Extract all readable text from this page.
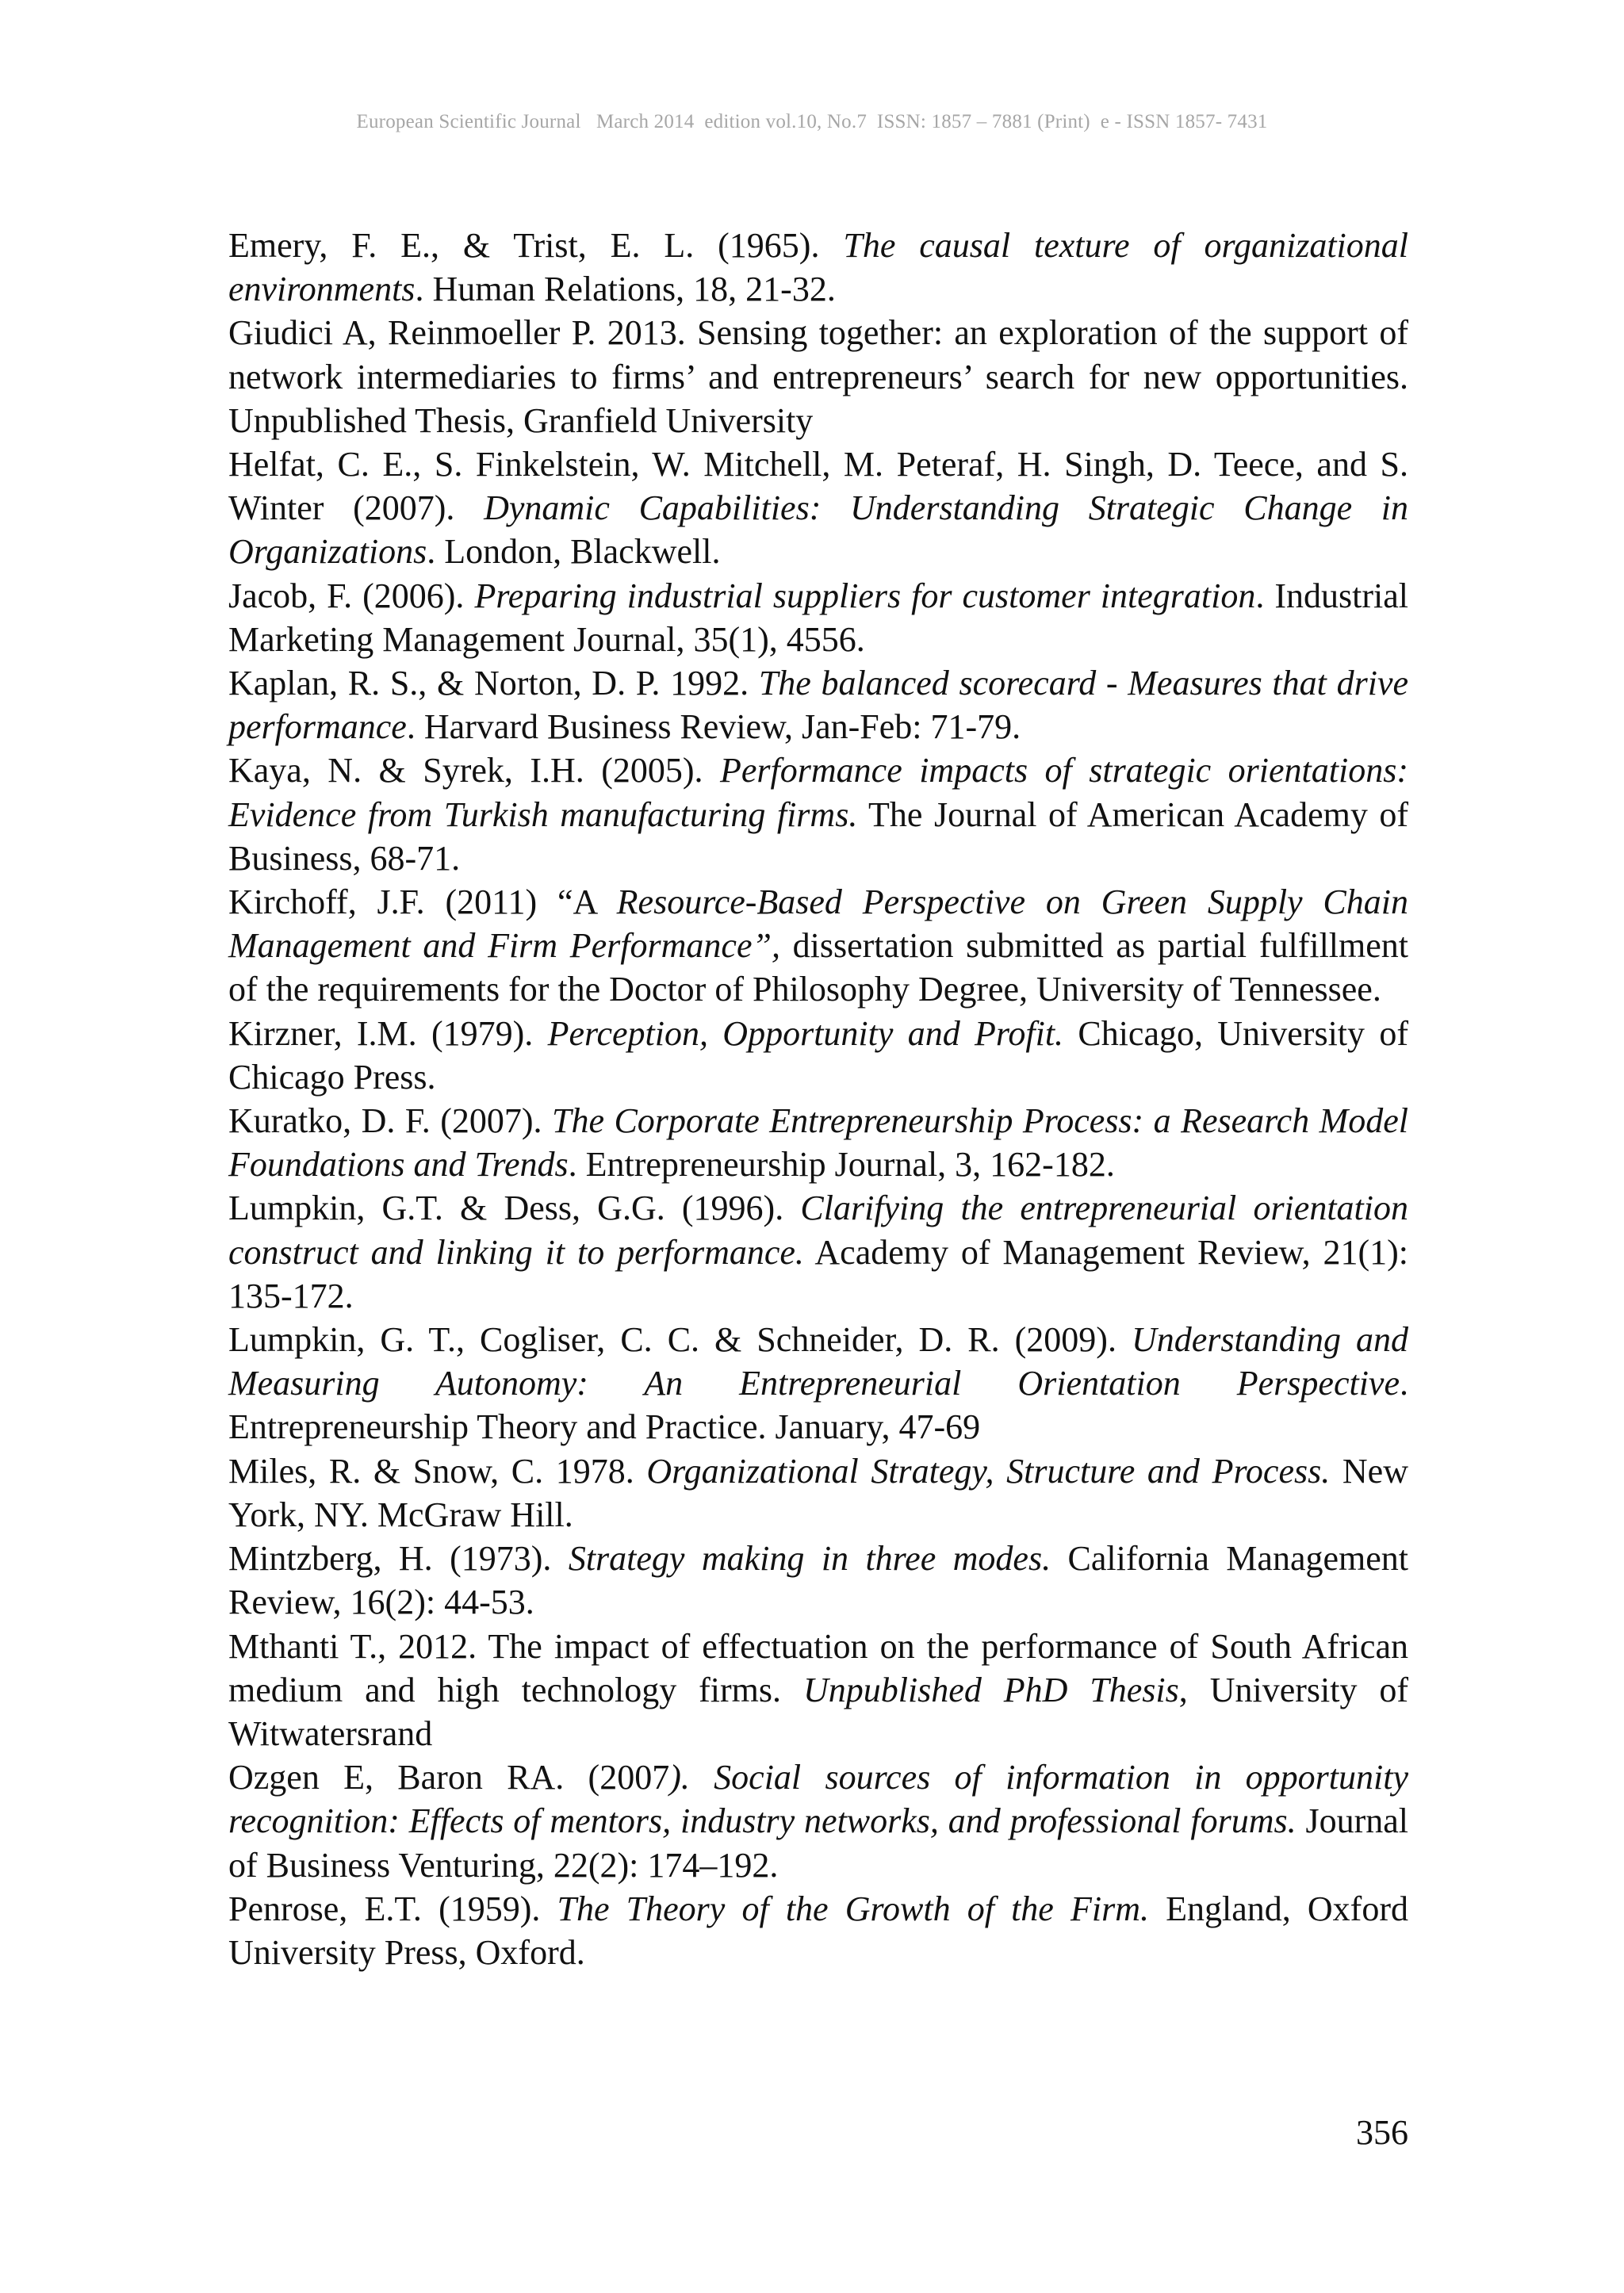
European Scientific Journal   March 2014  edition vol.10, No.7  ISSN: 1857 – 7881 (Print)  e - ISSN 1857- 7431

Emery, F. E., & Trist, E. L. (1965). The causal texture of organizational environments. Human Relations, 18, 21-32.

Giudici A, Reinmoeller P. 2013. Sensing together: an exploration of the support of network intermediaries to firms’ and entrepreneurs’ search for new opportunities. Unpublished Thesis, Granfield University

Helfat, C. E., S. Finkelstein, W. Mitchell, M. Peteraf, H. Singh, D. Teece, and S. Winter (2007). Dynamic Capabilities: Understanding Strategic Change in Organizations. London, Blackwell.

Jacob, F. (2006). Preparing industrial suppliers for customer integration. Industrial Marketing Management Journal, 35(1), 4556.

Kaplan, R. S., & Norton, D. P. 1992. The balanced scorecard - Measures that drive performance. Harvard Business Review, Jan-Feb: 71-79.

Kaya, N. & Syrek, I.H. (2005). Performance impacts of strategic orientations: Evidence from Turkish manufacturing firms. The Journal of American Academy of Business, 68-71.

Kirchoff, J.F. (2011) “A Resource-Based Perspective on Green Supply Chain Management and Firm Performance”, dissertation submitted as partial fulfillment of the requirements for the Doctor of Philosophy Degree, University of Tennessee.

Kirzner, I.M. (1979). Perception, Opportunity and Profit. Chicago, University of Chicago Press.

Kuratko, D. F. (2007). The Corporate Entrepreneurship Process: a Research Model Foundations and Trends. Entrepreneurship Journal, 3, 162-182.

Lumpkin, G.T. & Dess, G.G. (1996). Clarifying the entrepreneurial orientation construct and linking it to performance. Academy of Management Review, 21(1): 135-172.

Lumpkin, G. T., Cogliser, C. C. & Schneider, D. R. (2009). Understanding and Measuring Autonomy: An Entrepreneurial Orientation Perspective. Entrepreneurship Theory and Practice. January, 47-69

Miles, R. & Snow, C. 1978. Organizational Strategy, Structure and Process. New York, NY. McGraw Hill.

Mintzberg, H. (1973). Strategy making in three modes. California Management Review, 16(2): 44-53.

Mthanti T., 2012. The impact of effectuation on the performance of South African medium and high technology firms. Unpublished PhD Thesis, University of Witwatersrand

Ozgen E, Baron RA. (2007). Social sources of information in opportunity recognition: Effects of mentors, industry networks, and professional forums. Journal of Business Venturing, 22(2): 174–192.

Penrose, E.T. (1959). The Theory of the Growth of the Firm. England, Oxford University Press, Oxford.

356
